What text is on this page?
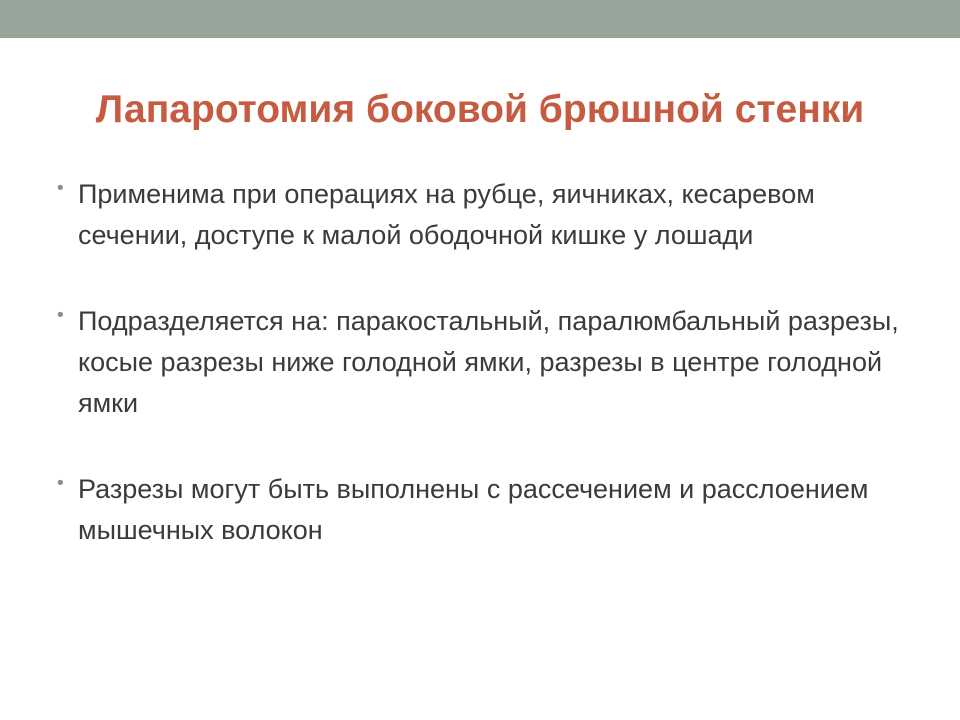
Лапаротомия боковой брюшной стенки
• Применима при операциях на рубце, яичниках, кесаревом сечении, доступе к малой ободочной кишке у лошади
• Подразделяется на: паракостальный, паралюмбальный разрезы, косые разрезы ниже голодной ямки, разрезы в центре голодной ямки
• Разрезы могут быть выполнены с рассечением и расслоением мышечных волокон
